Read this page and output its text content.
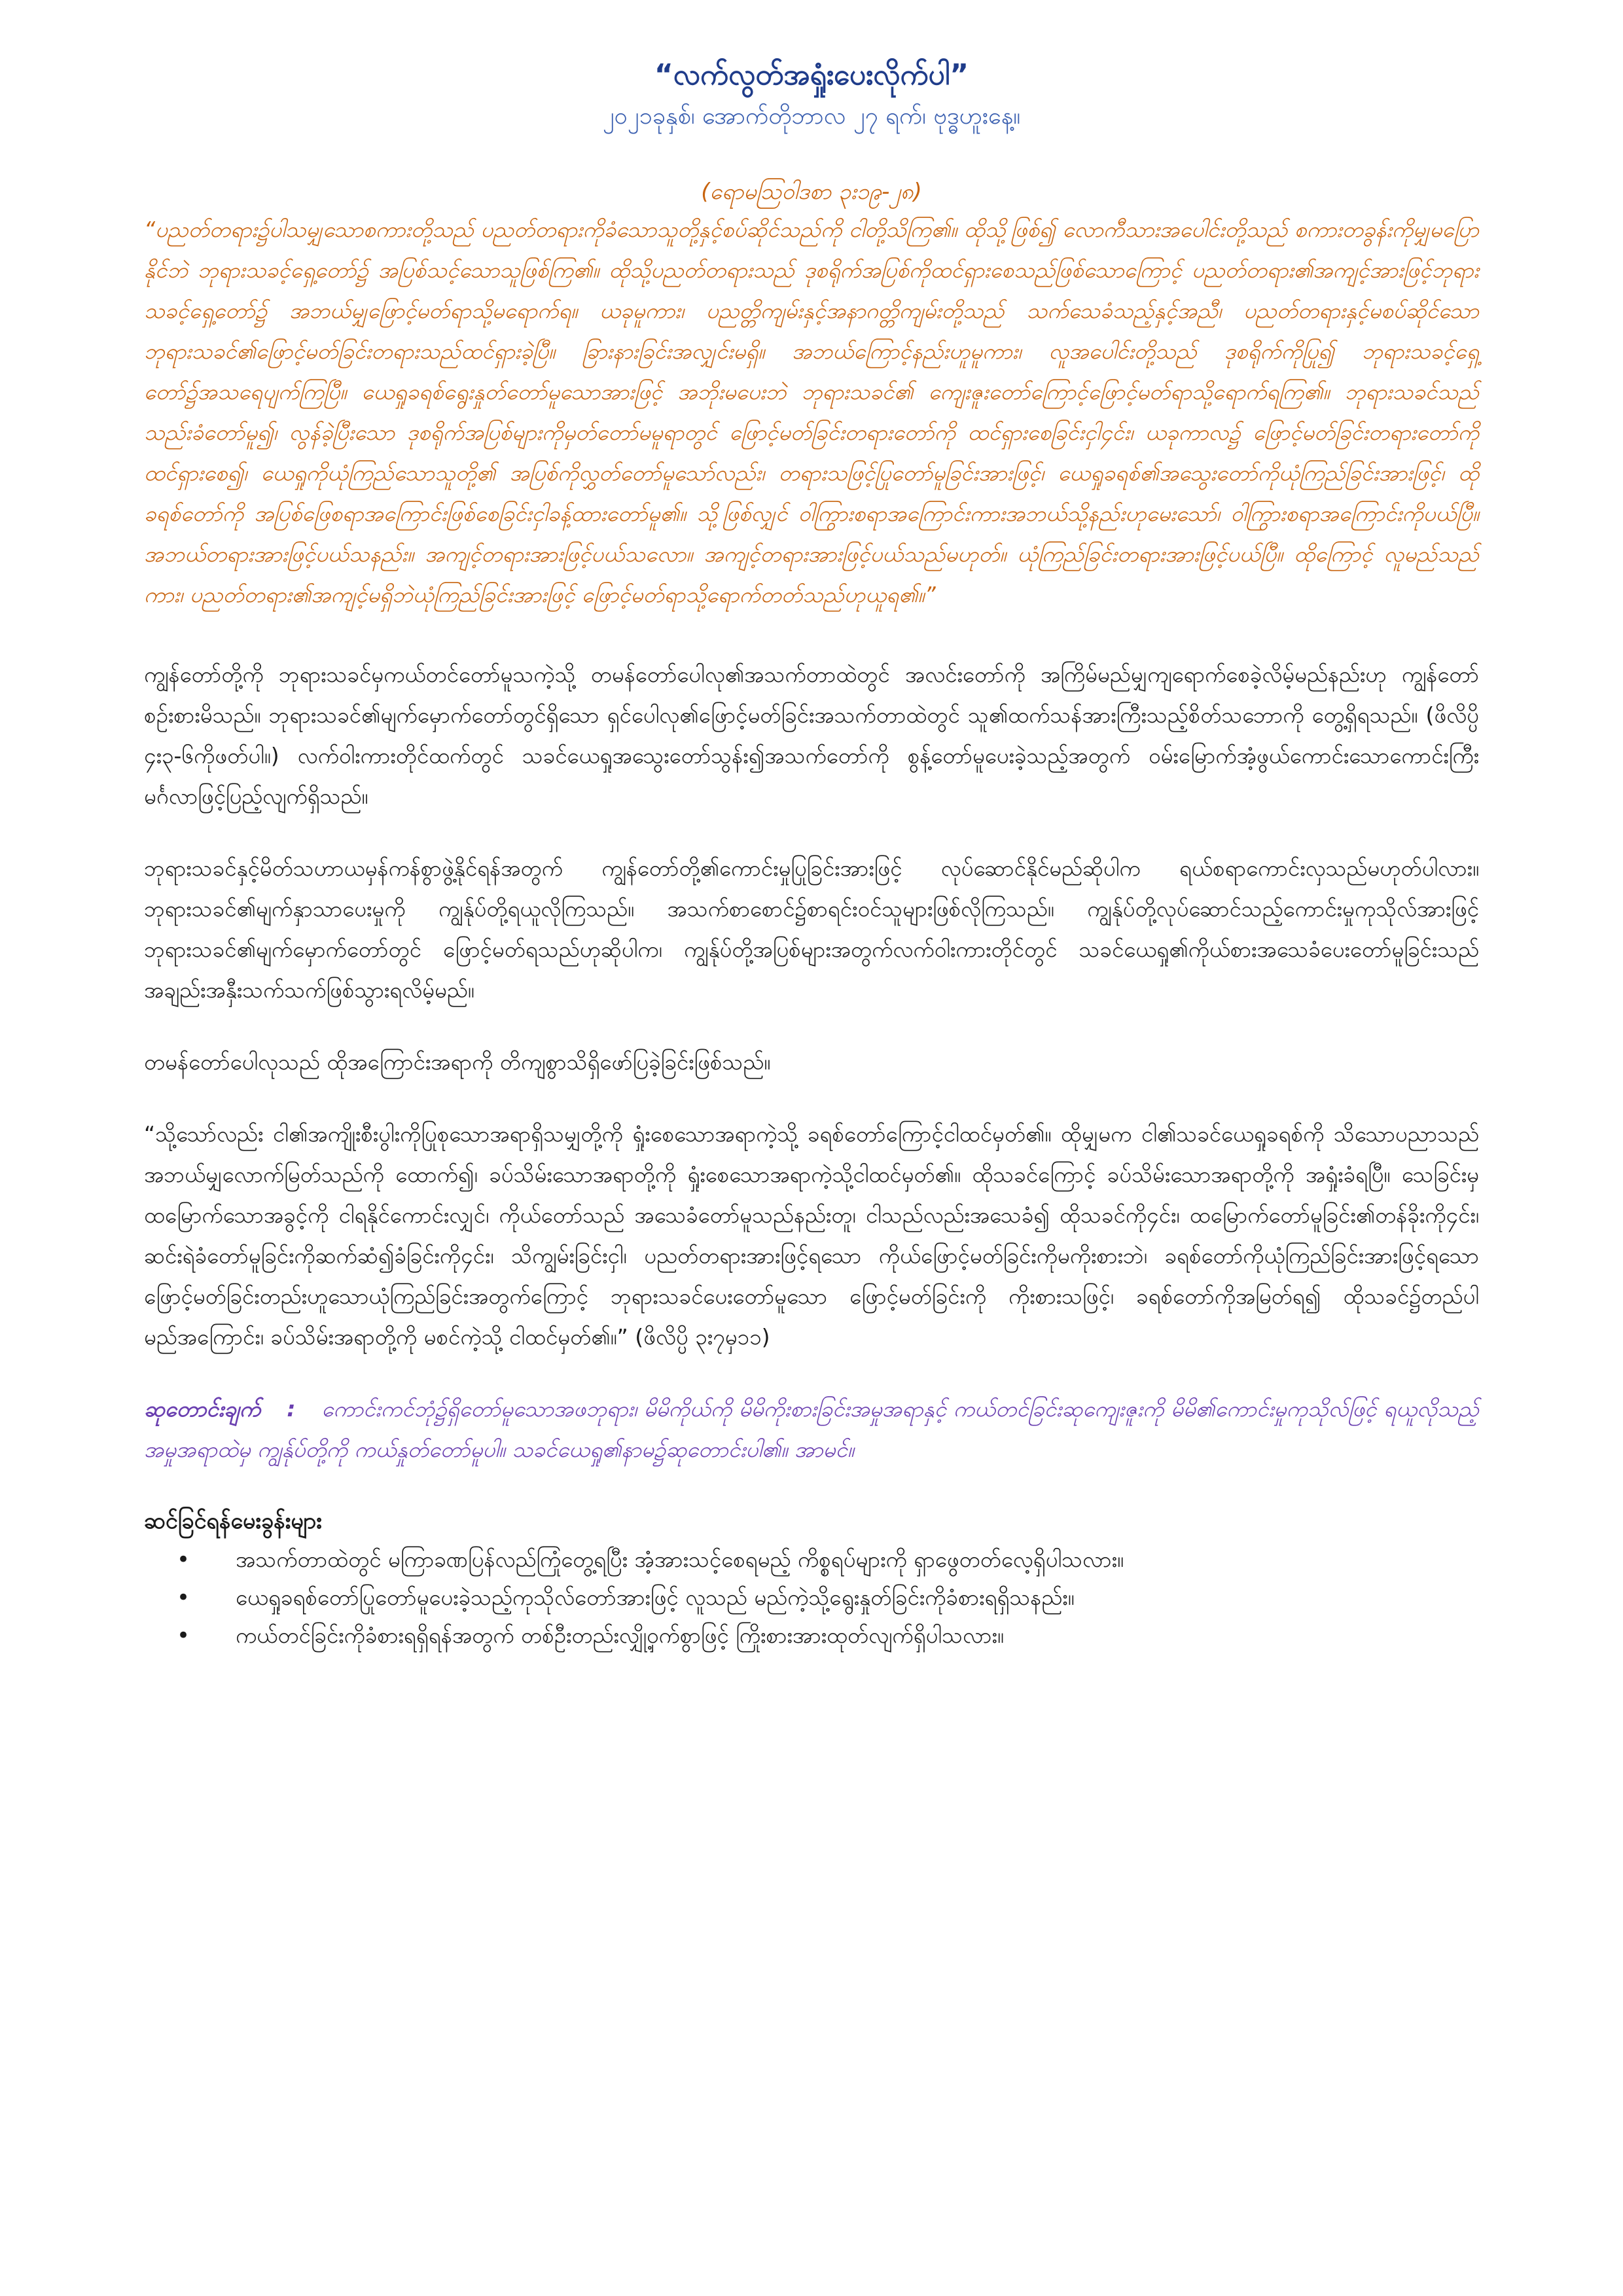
“လက်လွတ်အရှုံးပေးလိုက်ပါ”

၂၀၂၁ခုနှစ်၊ အောက်တိုဘာလ ၂၇ ရက်၊ ဗုဒ္ဓဟူးနေ့။

(ရောမဩဝါဒစာ ၃း၁၉-၂၈)

“ပညတ်တရား၌ပါသမျှသောစကားတို့သည် ပညတ်တရားကိုခံသောသူတို့နှင့်စပ်ဆိုင်သည်ကို ငါတို့သိကြ၏။ ထိုသို့ဖြစ်၍ လောကီသားအပေါင်းတို့သည် စကားတခွန်းကိုမျှမပြောနိုင်ဘဲ ဘုရားသခင့်ရှေ့တော်၌ အပြစ်သင့်သောသူဖြစ်ကြ၏။ ထိုသို့ပညတ်တရားသည် ဒုစရိုက်အပြစ်ကိုထင်ရှားစေသည်ဖြစ်သောကြောင့် ပညတ်တရား၏အကျင့်အားဖြင့်ဘုရားသခင့်ရှေ့တော်၌ အဘယ်မျှဖြောင့်မတ်ရာသို့မရောက်ရ။ ယခုမူကား၊ ပညတ္တိကျမ်းနှင့်အနာဂတ္တိကျမ်းတို့သည် သက်သေခံသည့်နှင့်အညီ၊ ပညတ်တရားနှင့်မစပ်ဆိုင်သော ဘုရားသခင်၏ဖြောင့်မတ်ခြင်းတရားသည်ထင်ရှားခဲ့ပြီ။ ခြားနားခြင်းအလျှင်းမရှိ။ အဘယ်ကြောင့်နည်းဟူမူကား၊ လူအပေါင်းတို့သည် ဒုစရိုက်ကိုပြု၍ ဘုရားသခင့်ရှေ့တော်၌အသရေပျက်ကြပြီ။ ယေရှုခရစ်ရွေးနှုတ်တော်မူသောအားဖြင့် အဘိုးမပေးဘဲ ဘုရားသခင်၏ ကျေးဇူးတော်ကြောင့်ဖြောင့်မတ်ရာသို့ရောက်ရကြ၏။ ဘုရားသခင်သည်သည်းခံတော်မူ၍၊ လွန်ခဲ့ပြီးသော ဒုစရိုက်အပြစ်များကိုမှတ်တော်မမူရာတွင် ဖြောင့်မတ်ခြင်းတရားတော်ကို ထင်ရှားစေခြင်းငှါ၄င်း၊ ယခုကာလ၌ ဖြောင့်မတ်ခြင်းတရားတော်ကို ထင်ရှားစေ၍၊ ယေရှုကိုယုံကြည်သောသူတို့၏ အပြစ်ကိုလွှတ်တော်မူသော်လည်း၊ တရားသဖြင့်ပြုတော်မူခြင်းအားဖြင့်၊ ယေရှုခရစ်၏အသွေးတော်ကိုယုံကြည်ခြင်းအားဖြင့်၊ ထိုခရစ်တော်ကို အပြစ်ဖြေစရာအကြောင်းဖြစ်စေခြင်းငှါခန့်ထားတော်မူ၏။ သို့ဖြစ်လျှင် ဝါကြွားစရာအကြောင်းကားအဘယ်သို့နည်းဟုမေးသော်၊ ဝါကြွားစရာအကြောင်းကိုပယ်ပြီ။ အဘယ်တရားအားဖြင့်ပယ်သနည်း။ အကျင့်တရားအားဖြင့်ပယ်သလော။ အကျင့်တရားအားဖြင့်ပယ်သည်မဟုတ်။ ယုံကြည်ခြင်းတရားအားဖြင့်ပယ်ပြီ။ ထိုကြောင့် လူမည်သည်ကား၊ ပညတ်တရား၏အကျင့်မရှိဘဲယုံကြည်ခြင်းအားဖြင့် ဖြောင့်မတ်ရာသို့ရောက်တတ်သည်ဟုယူရ၏။”

ကျွန်တော်တို့ကို ဘုရားသခင်မှကယ်တင်တော်မူသကဲ့သို့ တမန်တော်ပေါလု၏အသက်တာထဲတွင် အလင်းတော်ကို အကြိမ်မည်မျှကျရောက်စေခဲ့လိမ့်မည်နည်းဟု ကျွန်တော်စဉ်းစားမိသည်။ ဘုရားသခင်၏မျက်မှောက်တော်တွင်ရှိသော ရှင်ပေါလု၏ဖြောင့်မတ်ခြင်းအသက်တာထဲတွင် သူ၏ထက်သန်အားကြီးသည့်စိတ်သဘောကို တွေ့ရှိရသည်။ (ဖိလိပ္ပိ ၄း၃-၆ကိုဖတ်ပါ။) လက်ဝါးကားတိုင်ထက်တွင် သခင်ယေရှုအသွေးတော်သွန်း၍အသက်တော်ကို စွန့်တော်မူပေးခဲ့သည့်အတွက် ဝမ်းမြောက်အံ့ဖွယ်ကောင်းသောကောင်းကြီးမင်္ဂလာဖြင့်ပြည့်လျက်ရှိသည်။

ဘုရားသခင်နှင့်မိတ်သဟာယမှန်ကန်စွာဖွဲ့နိုင်ရန်အတွက် ကျွန်တော်တို့၏ကောင်းမှုပြုခြင်းအားဖြင့် လုပ်ဆောင်နိုင်မည်ဆိုပါက ရယ်စရာကောင်းလှသည်မဟုတ်ပါလား။ ဘုရားသခင်၏မျက်နှာသာပေးမှုကို ကျွန်ုပ်တို့ရယူလိုကြသည်။ အသက်စာစောင်၌စာရင်းဝင်သူများဖြစ်လိုကြသည်။ ကျွန်ုပ်တို့လုပ်ဆောင်သည့်ကောင်းမှုကုသိုလ်အားဖြင့်ဘုရားသခင်၏မျက်မှောက်တော်တွင် ဖြောင့်မတ်ရသည်ဟုဆိုပါက၊ ကျွန်ုပ်တို့အပြစ်များအတွက်လက်ဝါးကားတိုင်တွင် သခင်ယေရှု၏ကိုယ်စားအသေခံပေးတော်မူခြင်းသည် အချည်းအနှီးသက်သက်ဖြစ်သွားရလိမ့်မည်။

တမန်တော်ပေါလုသည် ထိုအကြောင်းအရာကို တိကျစွာသိရှိဖော်ပြခဲ့ခြင်းဖြစ်သည်။

“သို့သော်လည်း ငါ၏အကျိုးစီးပွါးကိုပြုစုသောအရာရှိသမျှတို့ကို ရှုံးစေသောအရာကဲ့သို့ ခရစ်တော်ကြောင့်ငါထင်မှတ်၏။ ထိုမျှမက ငါ၏သခင်ယေရှုခရစ်ကို သိသောပညာသည်အဘယ်မျှလောက်မြတ်သည်ကို ထောက်၍၊ ခပ်သိမ်းသောအရာတို့ကို ရှုံးစေသောအရာကဲ့သို့ငါထင်မှတ်၏။ ထိုသခင်ကြောင့် ခပ်သိမ်းသောအရာတို့ကို အရှုံးခံရပြီ။ သေခြင်းမှထမြောက်သောအခွင့်ကို ငါရနိုင်ကောင်းလျှင်၊ ကိုယ်တော်သည် အသေခံတော်မူသည်နည်းတူ၊ ငါသည်လည်းအသေခံ၍ ထိုသခင်ကို၄င်း၊ ထမြောက်တော်မူခြင်း၏တန်ခိုးကို၄င်း၊ ဆင်းရဲခံတော်မူခြင်းကိုဆက်ဆံ၍ခံခြင်းကို၄င်း၊ သိကျွမ်းခြင်းငှါ၊ ပညတ်တရားအားဖြင့်ရသော ကိုယ်ဖြောင့်မတ်ခြင်းကိုမကိုးစားဘဲ၊ ခရစ်တော်ကိုယုံကြည်ခြင်းအားဖြင့်ရသော ဖြောင့်မတ်ခြင်းတည်းဟူသောယုံကြည်ခြင်းအတွက်ကြောင့် ဘုရားသခင်ပေးတော်မူသော ဖြောင့်မတ်ခြင်းကို ကိုးစားသဖြင့်၊ ခရစ်တော်ကိုအမြတ်ရ၍ ထိုသခင်၌တည်ပါမည်အကြောင်း၊ ခပ်သိမ်းအရာတို့ကို မစင်ကဲ့သို့ ငါထင်မှတ်၏။” (ဖိလိပ္ပိ ၃း၇မှ၁၁)

ဆုတောင်းချက် : ကောင်းကင်ဘုံ၌ရှိတော်မူသောအဖဘုရား၊ မိမိကိုယ်ကို မိမိကိုးစားခြင်းအမှုအရာနှင့် ကယ်တင်ခြင်းဆုကျေးဇူးကို မိမိ၏ကောင်းမှုကုသိုလ်ဖြင့် ရယူလိုသည့်အမှုအရာထဲမှ ကျွန်ုပ်တို့ကို ကယ်နှုတ်တော်မူပါ။ သခင်ယေရှု၏နာမ၌ဆုတောင်းပါ၏။ အာမင်။

ဆင်ခြင်ရန်မေးခွန်းများ

• အသက်တာထဲတွင် မကြာခဏပြန်လည်ကြုံတွေ့ရပြီး အံ့အားသင့်စေရမည့် ကိစ္စရပ်များကို ရှာဖွေတတ်လေ့ရှိပါသလား။
• ယေရှုခရစ်တော်ပြုတော်မူပေးခဲ့သည့်ကုသိုလ်တော်အားဖြင့် လူသည် မည်ကဲ့သို့ရွေးနှုတ်ခြင်းကိုခံစားရရှိသနည်း။
• ကယ်တင်ခြင်းကိုခံစားရရှိရန်အတွက် တစ်ဦးတည်းလျှို့ဝှက်စွာဖြင့် ကြိုးစားအားထုတ်လျက်ရှိပါသလား။
